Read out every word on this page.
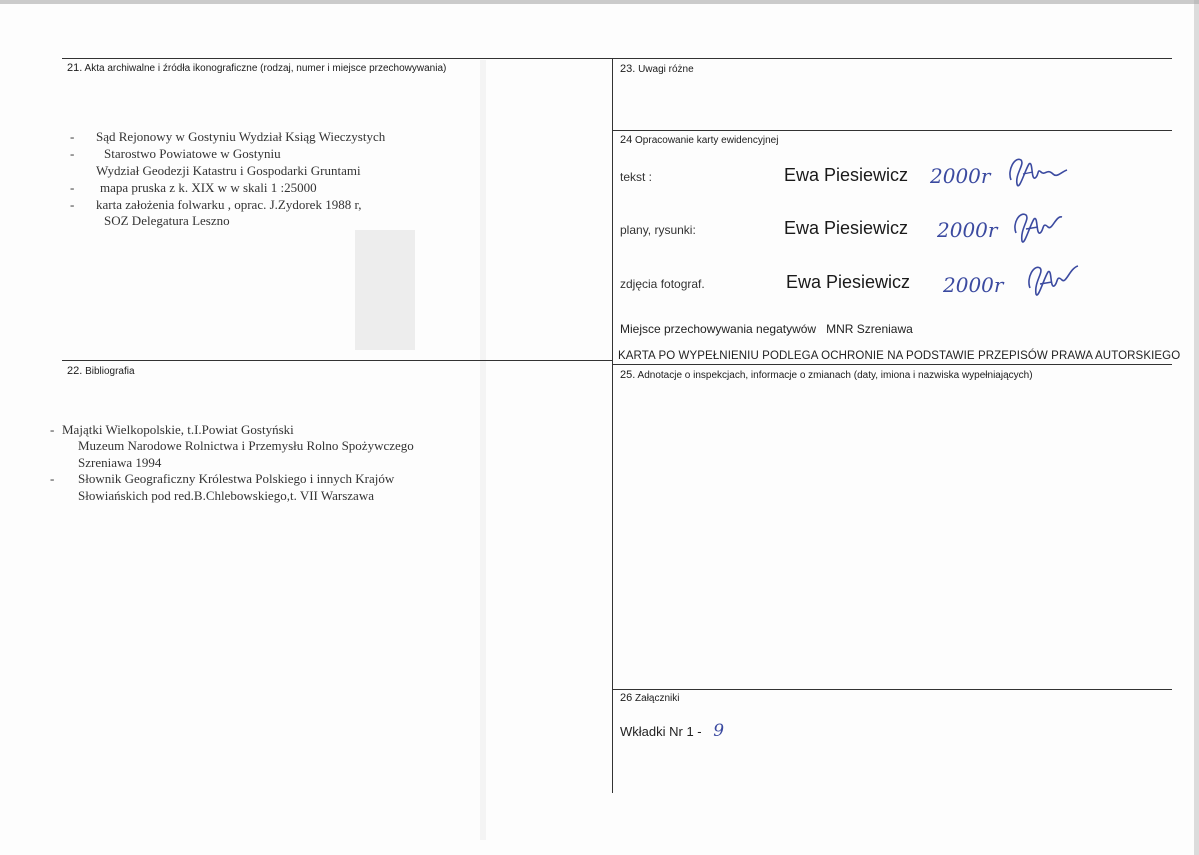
21. Akta archiwalne i źródła ikonograficzne (rodzaj, numer i miejsce przechowywania)
- Sąd Rejonowy w Gostyniu Wydział Ksiąg Wieczystych
- Starostwo Powiatowe w Gostyniu
Wydział Geodezji Katastru i Gospodarki Gruntami
- mapa pruska z k. XIX w w skali 1 :25000
- karta założenia folwarku , oprac. J.Zydorek 1988 r,
SOZ Delegatura Leszno
22. Bibliografia
- Majątki Wielkopolskie, t.I.Powiat Gostyński
Muzeum Narodowe Rolnictwa i Przemysłu Rolno Spożywczego
Szreniawa 1994
- Słownik Geograficzny Królestwa Polskiego i innych Krajów
Słowiańskich pod red.B.Chlebowskiego,t. VII Warszawa
23. Uwagi różne
24 Opracowanie karty ewidencyjnej
tekst :	Ewa Piesiewicz 2000r
plany, rysunki:	Ewa Piesiewicz 2000r
zdjęcia fotograf.	Ewa Piesiewicz 2000r
Miejsce przechowywania negatywów MNR Szreniawa
KARTA PO WYPEŁNIENIU PODLEGA OCHRONIE NA PODSTAWIE PRZEPISÓW PRAWA AUTORSKIEGO
25. Adnotacje o inspekcjach, informacje o zmianach (daty, imiona i nazwiska wypełniających)
26 Załączniki
Wkładki Nr 1 - 9
